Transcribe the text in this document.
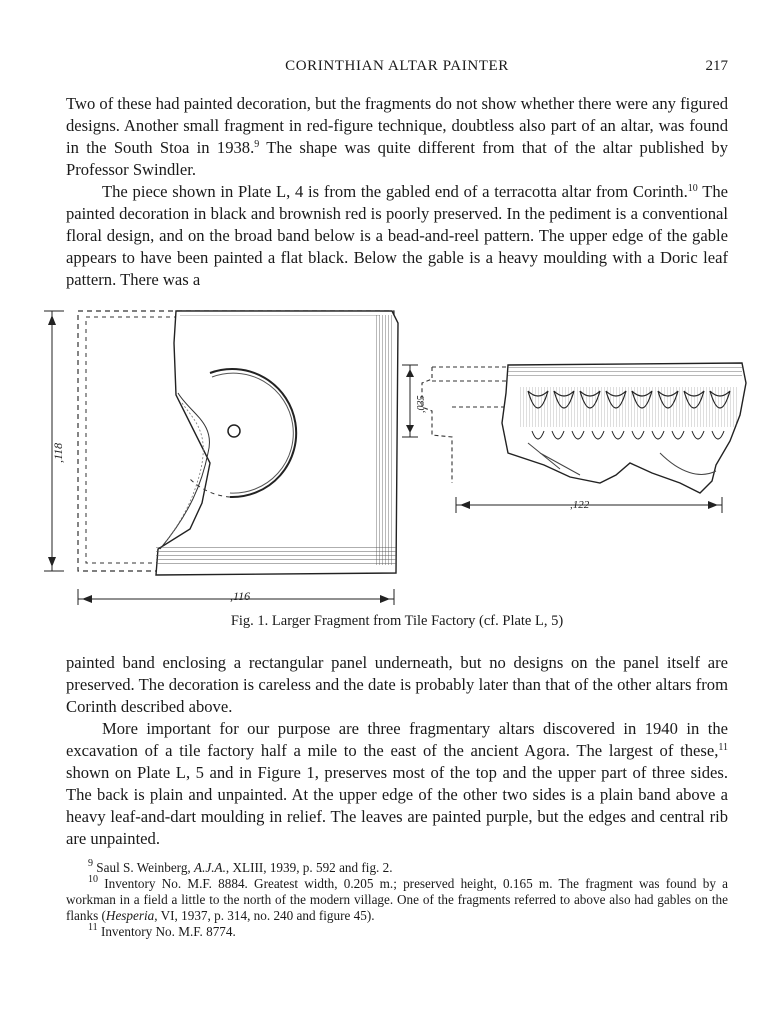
CORINTHIAN ALTAR PAINTER	217

Two of these had painted decoration, but the fragments do not show whether there were any figured designs. Another small fragment in red-figure technique, doubtless also part of an altar, was found in the South Stoa in 1938.$^9$ The shape was quite different from that of the altar published by Professor Swindler.

The piece shown in Plate L, 4 is from the gabled end of a terracotta altar from Corinth.$^{10}$ The painted decoration in black and brownish red is poorly preserved. In the pediment is a conventional floral design, and on the broad band below is a bead-and-reel pattern. The upper edge of the gable appears to have been painted a flat black. Below the gable is a heavy moulding with a Doric leaf pattern. There was a

,118
,116
,035
,122
Fig. 1. Larger Fragment from Tile Factory (cf. Plate L, 5)

painted band enclosing a rectangular panel underneath, but no designs on the panel itself are preserved. The decoration is careless and the date is probably later than that of the other altars from Corinth described above.

More important for our purpose are three fragmentary altars discovered in 1940 in the excavation of a tile factory half a mile to the east of the ancient Agora. The largest of these,$^{11}$ shown on Plate L, 5 and in Figure 1, preserves most of the top and the upper part of three sides. The back is plain and unpainted. At the upper edge of the other two sides is a plain band above a heavy leaf-and-dart moulding in relief. The leaves are painted purple, but the edges and central rib are unpainted.

$^9$ Saul S. Weinberg, A.J.A., XLIII, 1939, p. 592 and fig. 2.

$^{10}$ Inventory No. M.F. 8884. Greatest width, 0.205 m.; preserved height, 0.165 m. The fragment was found by a workman in a field a little to the north of the modern village. One of the fragments referred to above also had gables on the flanks (Hesperia, VI, 1937, p. 314, no. 240 and figure 45).

$^{11}$ Inventory No. M.F. 8774.
